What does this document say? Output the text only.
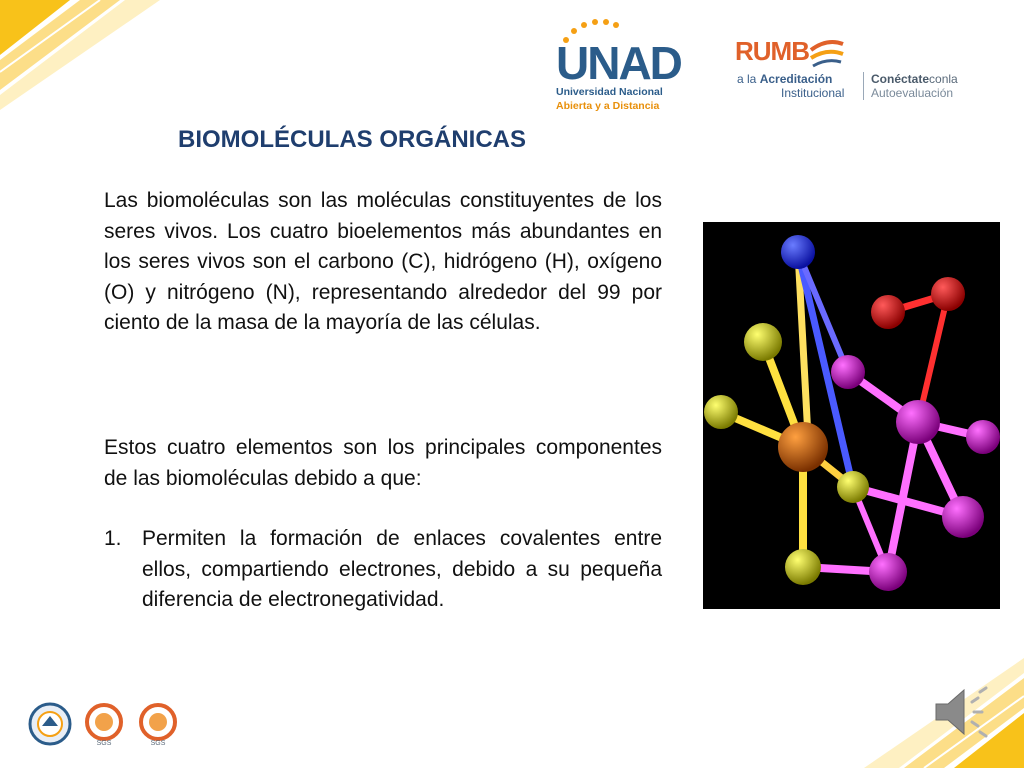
UNAD
Universidad Nacional
Abierta y a Distancia
RUMB
a la Acreditación
Institucional
Conéctateconla
Autoevaluación
BIOMOLÉCULAS ORGÁNICAS

Las biomoléculas son las moléculas constituyentes de los seres vivos. Los cuatro bioelementos más abundantes en los seres vivos son el carbono (C), hidrógeno (H), oxígeno (O) y nitrógeno (N), representando alrededor del 99 por ciento de la masa de la mayoría de las células.

Estos cuatro elementos son los principales componentes de las biomoléculas debido a que:

1. Permiten la formación de enlaces covalentes entre ellos, compartiendo electrones, debido a su pequeña diferencia de electronegatividad.
SGS	SGS
